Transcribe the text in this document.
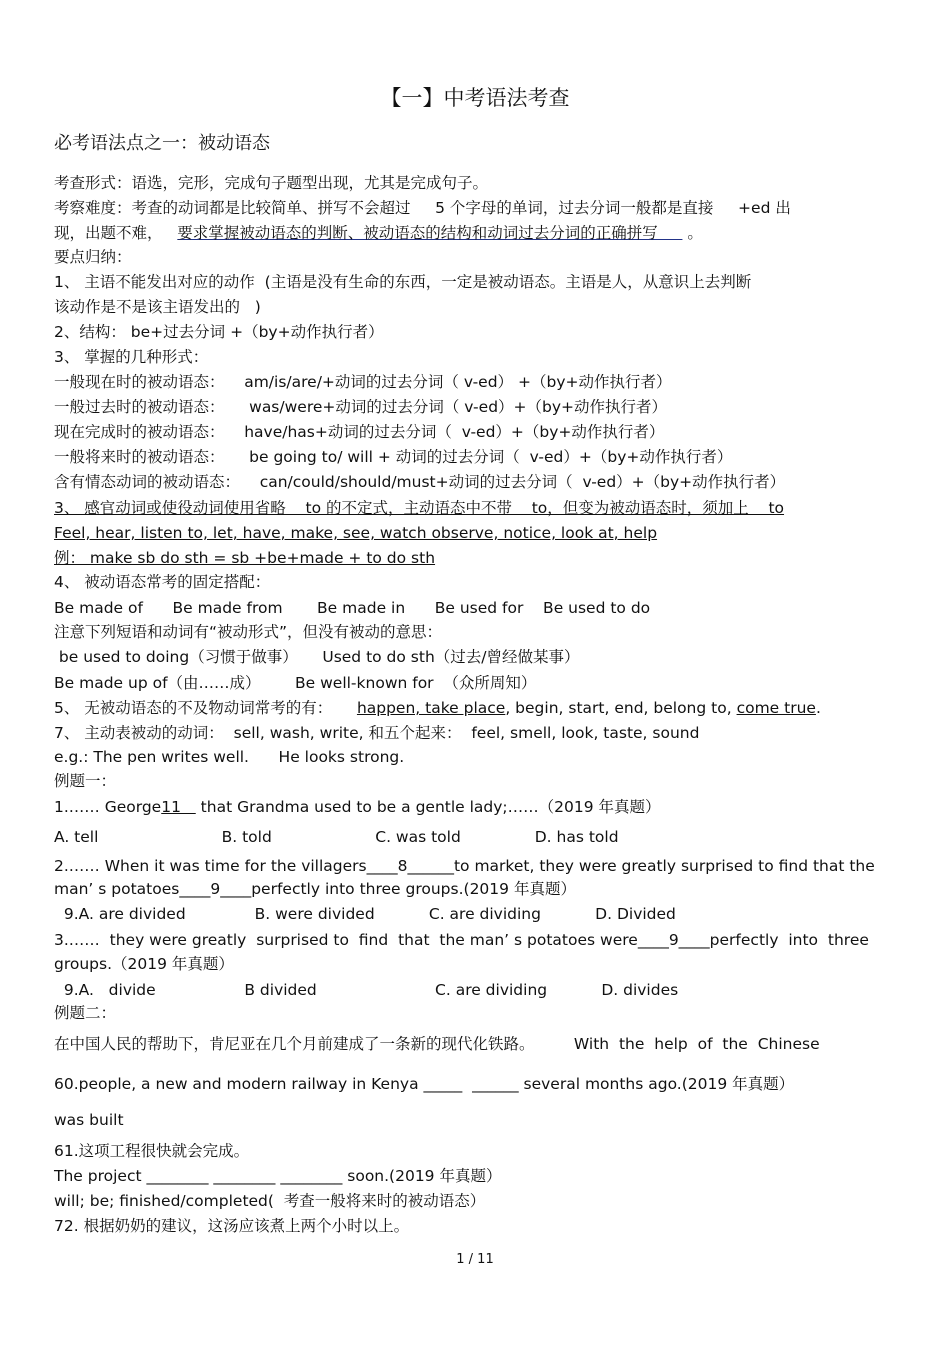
【一】中考语法考查
必考语法点之一：被动语态
考查形式：语选，完形，完成句子题型出现，尤其是完成句子。
考察难度：考查的动词都是比较简单、拼写不会超过     5 个字母的单词，过去分词一般都是直接     +ed 出
现，出题不难，   要求掌握被动语态的判断、被动语态的结构和动词过去分词的正确拼写      。
要点归纳：
1、 主语不能发出对应的动作  (主语是没有生命的东西，一定是被动语态。主语是人，从意识上去判断
该动作是不是该主语发出的   )
2、结构： be+过去分词 +（by+动作执行者）
3、 掌握的几种形式：
一般现在时的被动语态：    am/is/are/+动词的过去分词（ v-ed） +（by+动作执行者）
一般过去时的被动语态：     was/were+动词的过去分词（ v-ed）+（by+动作执行者）
现在完成时的被动语态：    have/has+动词的过去分词（  v-ed）+（by+动作执行者）
一般将来时的被动语态：     be going to/ will + 动词的过去分词（  v-ed）+（by+动作执行者）
含有情态动词的被动语态：    can/could/should/must+动词的过去分词（  v-ed）+（by+动作执行者）
3、 感官动词或使役动词使用省略    to 的不定式，主动语态中不带    to，但变为被动语态时，须加上    to
Feel, hear, listen to, let, have, make, see, watch observe, notice, look at, help
例： make sb do sth = sb +be+made + to do sth
4、 被动语态常考的固定搭配：
Be made of      Be made from       Be made in      Be used for    Be used to do
注意下列短语和动词有“被动形式”，但没有被动的意思：
be used to doing（习惯于做事）     Used to do sth（过去/曾经做某事）
Be made up of（由……成）       Be well-known for  （众所周知）
5、 无被动语态的不及物动词常考的有：     happen, take place, begin, start, end, belong to, come true.
7、 主动表被动的动词：  sell, wash, write, 和五个起来：  feel, smell, look, taste, sound
e.g.: The pen writes well.      He looks strong.
例题一：
1.…… George11    that Grandma used to be a gentle lady;……（2019 年真题）
A. tell                         B. told                     C. was told               D. has told
2.…… When it was time for the villagers____8______to market, they were greatly surprised to find that the
man’ s potatoes____9____perfectly into three groups.(2019 年真题）
9.A. are divided              B. were divided           C. are dividing           D. Divided
3.……  they were greatly  surprised to  find  that  the man’ s potatoes were____9____perfectly  into  three
groups.（2019 年真题）
9.A.   divide                  B divided                        C. are dividing           D. divides
例题二：
在中国人民的帮助下，肯尼亚在几个月前建成了一条新的现代化铁路。        With  the  help  of  the  Chinese
60.people, a new and modern railway in Kenya _____  ______ several months ago.(2019 年真题）
was built
61.这项工程很快就会完成。
The project ________ ________ ________ soon.(2019 年真题）
will; be; finished/completed(  考查一般将来时的被动语态）
72. 根据奶奶的建议，这汤应该煮上两个小时以上。
1 / 11
